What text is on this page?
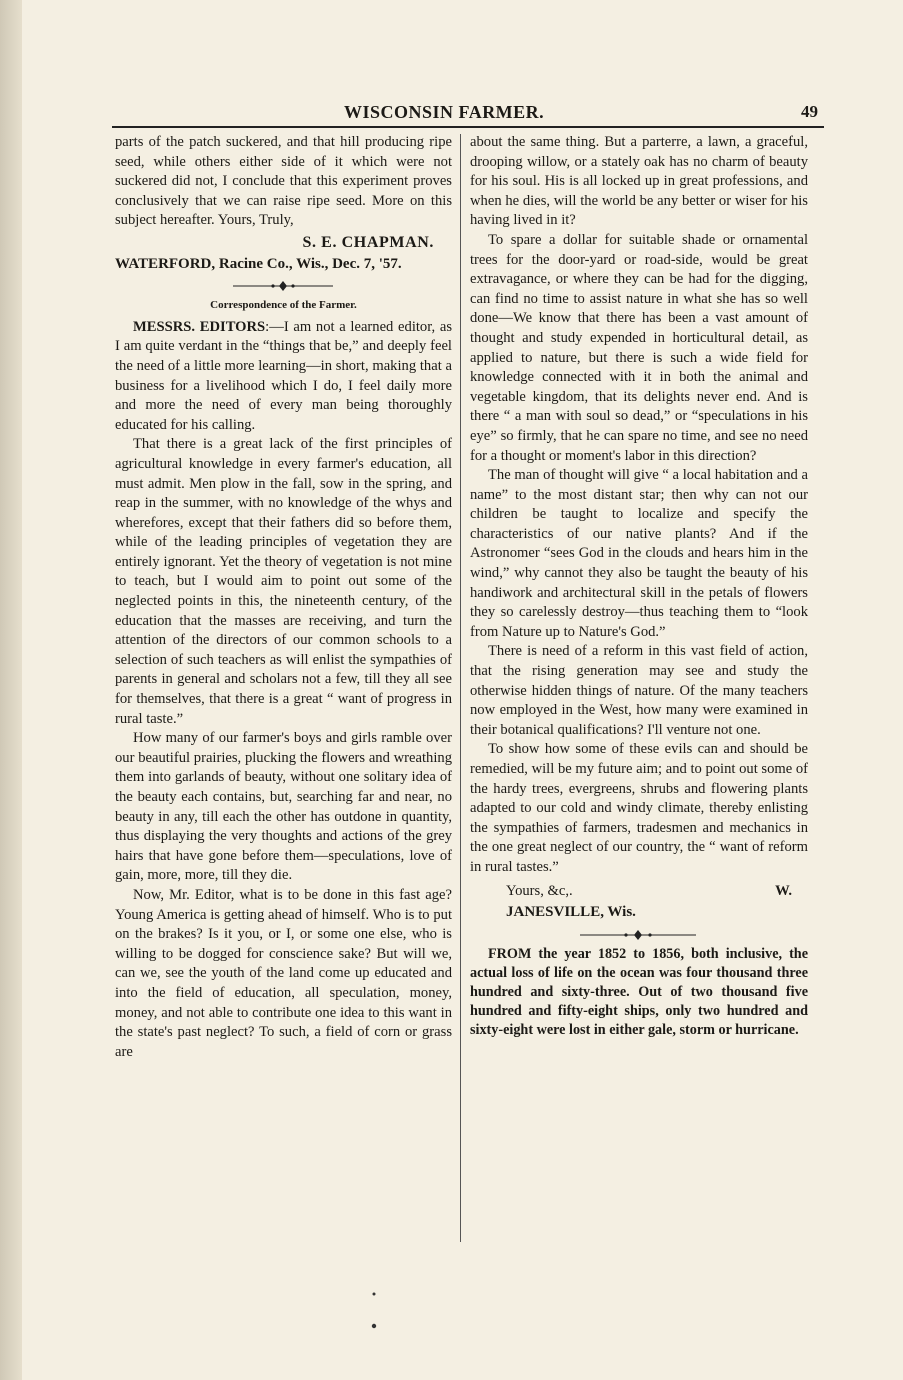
WISCONSIN FARMER.	49

parts of the patch suckered, and that hill producing ripe seed, while others either side of it which were not suckered did not, I conclude that this experiment proves conclusively that we can raise ripe seed. More on this subject hereafter. Yours, Truly,

S. E. CHAPMAN.

WATERFORD, Racine Co., Wis., Dec. 7, '57.

Correspondence of the Farmer.

MESSRS. EDITORS:—I am not a learned editor, as I am quite verdant in the “things that be,” and deeply feel the need of a little more learning—in short, making that a business for a livelihood which I do, I feel daily more and more the need of every man being thoroughly educated for his calling.

That there is a great lack of the first principles of agricultural knowledge in every farmer's education, all must admit. Men plow in the fall, sow in the spring, and reap in the summer, with no knowledge of the whys and wherefores, except that their fathers did so before them, while of the leading principles of vegetation they are entirely ignorant. Yet the theory of vegetation is not mine to teach, but I would aim to point out some of the neglected points in this, the nineteenth century, of the education that the masses are receiving, and turn the attention of the directors of our common schools to a selection of such teachers as will enlist the sympathies of parents in general and scholars not a few, till they all see for themselves, that there is a great “ want of progress in rural taste.”

How many of our farmer's boys and girls ramble over our beautiful prairies, plucking the flowers and wreathing them into garlands of beauty, without one solitary idea of the beauty each contains, but, searching far and near, no beauty in any, till each the other has outdone in quantity, thus displaying the very thoughts and actions of the grey hairs that have gone before them—speculations, love of gain, more, more, till they die.

Now, Mr. Editor, what is to be done in this fast age? Young America is getting ahead of himself. Who is to put on the brakes? Is it you, or I, or some one else, who is willing to be dogged for conscience sake? But will we, can we, see the youth of the land come up educated and into the field of education, all speculation, money, money, and not able to contribute one idea to this want in the state's past neglect? To such, a field of corn or grass are

about the same thing. But a parterre, a lawn, a graceful, drooping willow, or a stately oak has no charm of beauty for his soul. His is all locked up in great professions, and when he dies, will the world be any better or wiser for his having lived in it?

To spare a dollar for suitable shade or ornamental trees for the door-yard or road-side, would be great extravagance, or where they can be had for the digging, can find no time to assist nature in what she has so well done—We know that there has been a vast amount of thought and study expended in horticultural detail, as applied to nature, but there is such a wide field for knowledge connected with it in both the animal and vegetable kingdom, that its delights never end. And is there “ a man with soul so dead,” or “speculations in his eye” so firmly, that he can spare no time, and see no need for a thought or moment's labor in this direction?

The man of thought will give “ a local habitation and a name” to the most distant star; then why can not our children be taught to localize and specify the characteristics of our native plants? And if the Astronomer “sees God in the clouds and hears him in the wind,” why cannot they also be taught the beauty of his handiwork and architectural skill in the petals of flowers they so carelessly destroy—thus teaching them to “look from Nature up to Nature's God.”

There is need of a reform in this vast field of action, that the rising generation may see and study the otherwise hidden things of nature. Of the many teachers now employed in the West, how many were examined in their botanical qualifications? I'll venture not one.

To show how some of these evils can and should be remedied, will be my future aim; and to point out some of the hardy trees, evergreens, shrubs and flowering plants adapted to our cold and windy climate, thereby enlisting the sympathies of farmers, tradesmen and mechanics in the one great neglect of our country, the “ want of reform in rural tastes.”

Yours, &c,.	W.

JANESVILLE, Wis.

FROM the year 1852 to 1856, both inclusive, the actual loss of life on the ocean was four thousand three hundred and sixty-three. Out of two thousand five hundred and fifty-eight ships, only two hundred and sixty-eight were lost in either gale, storm or hurricane.
